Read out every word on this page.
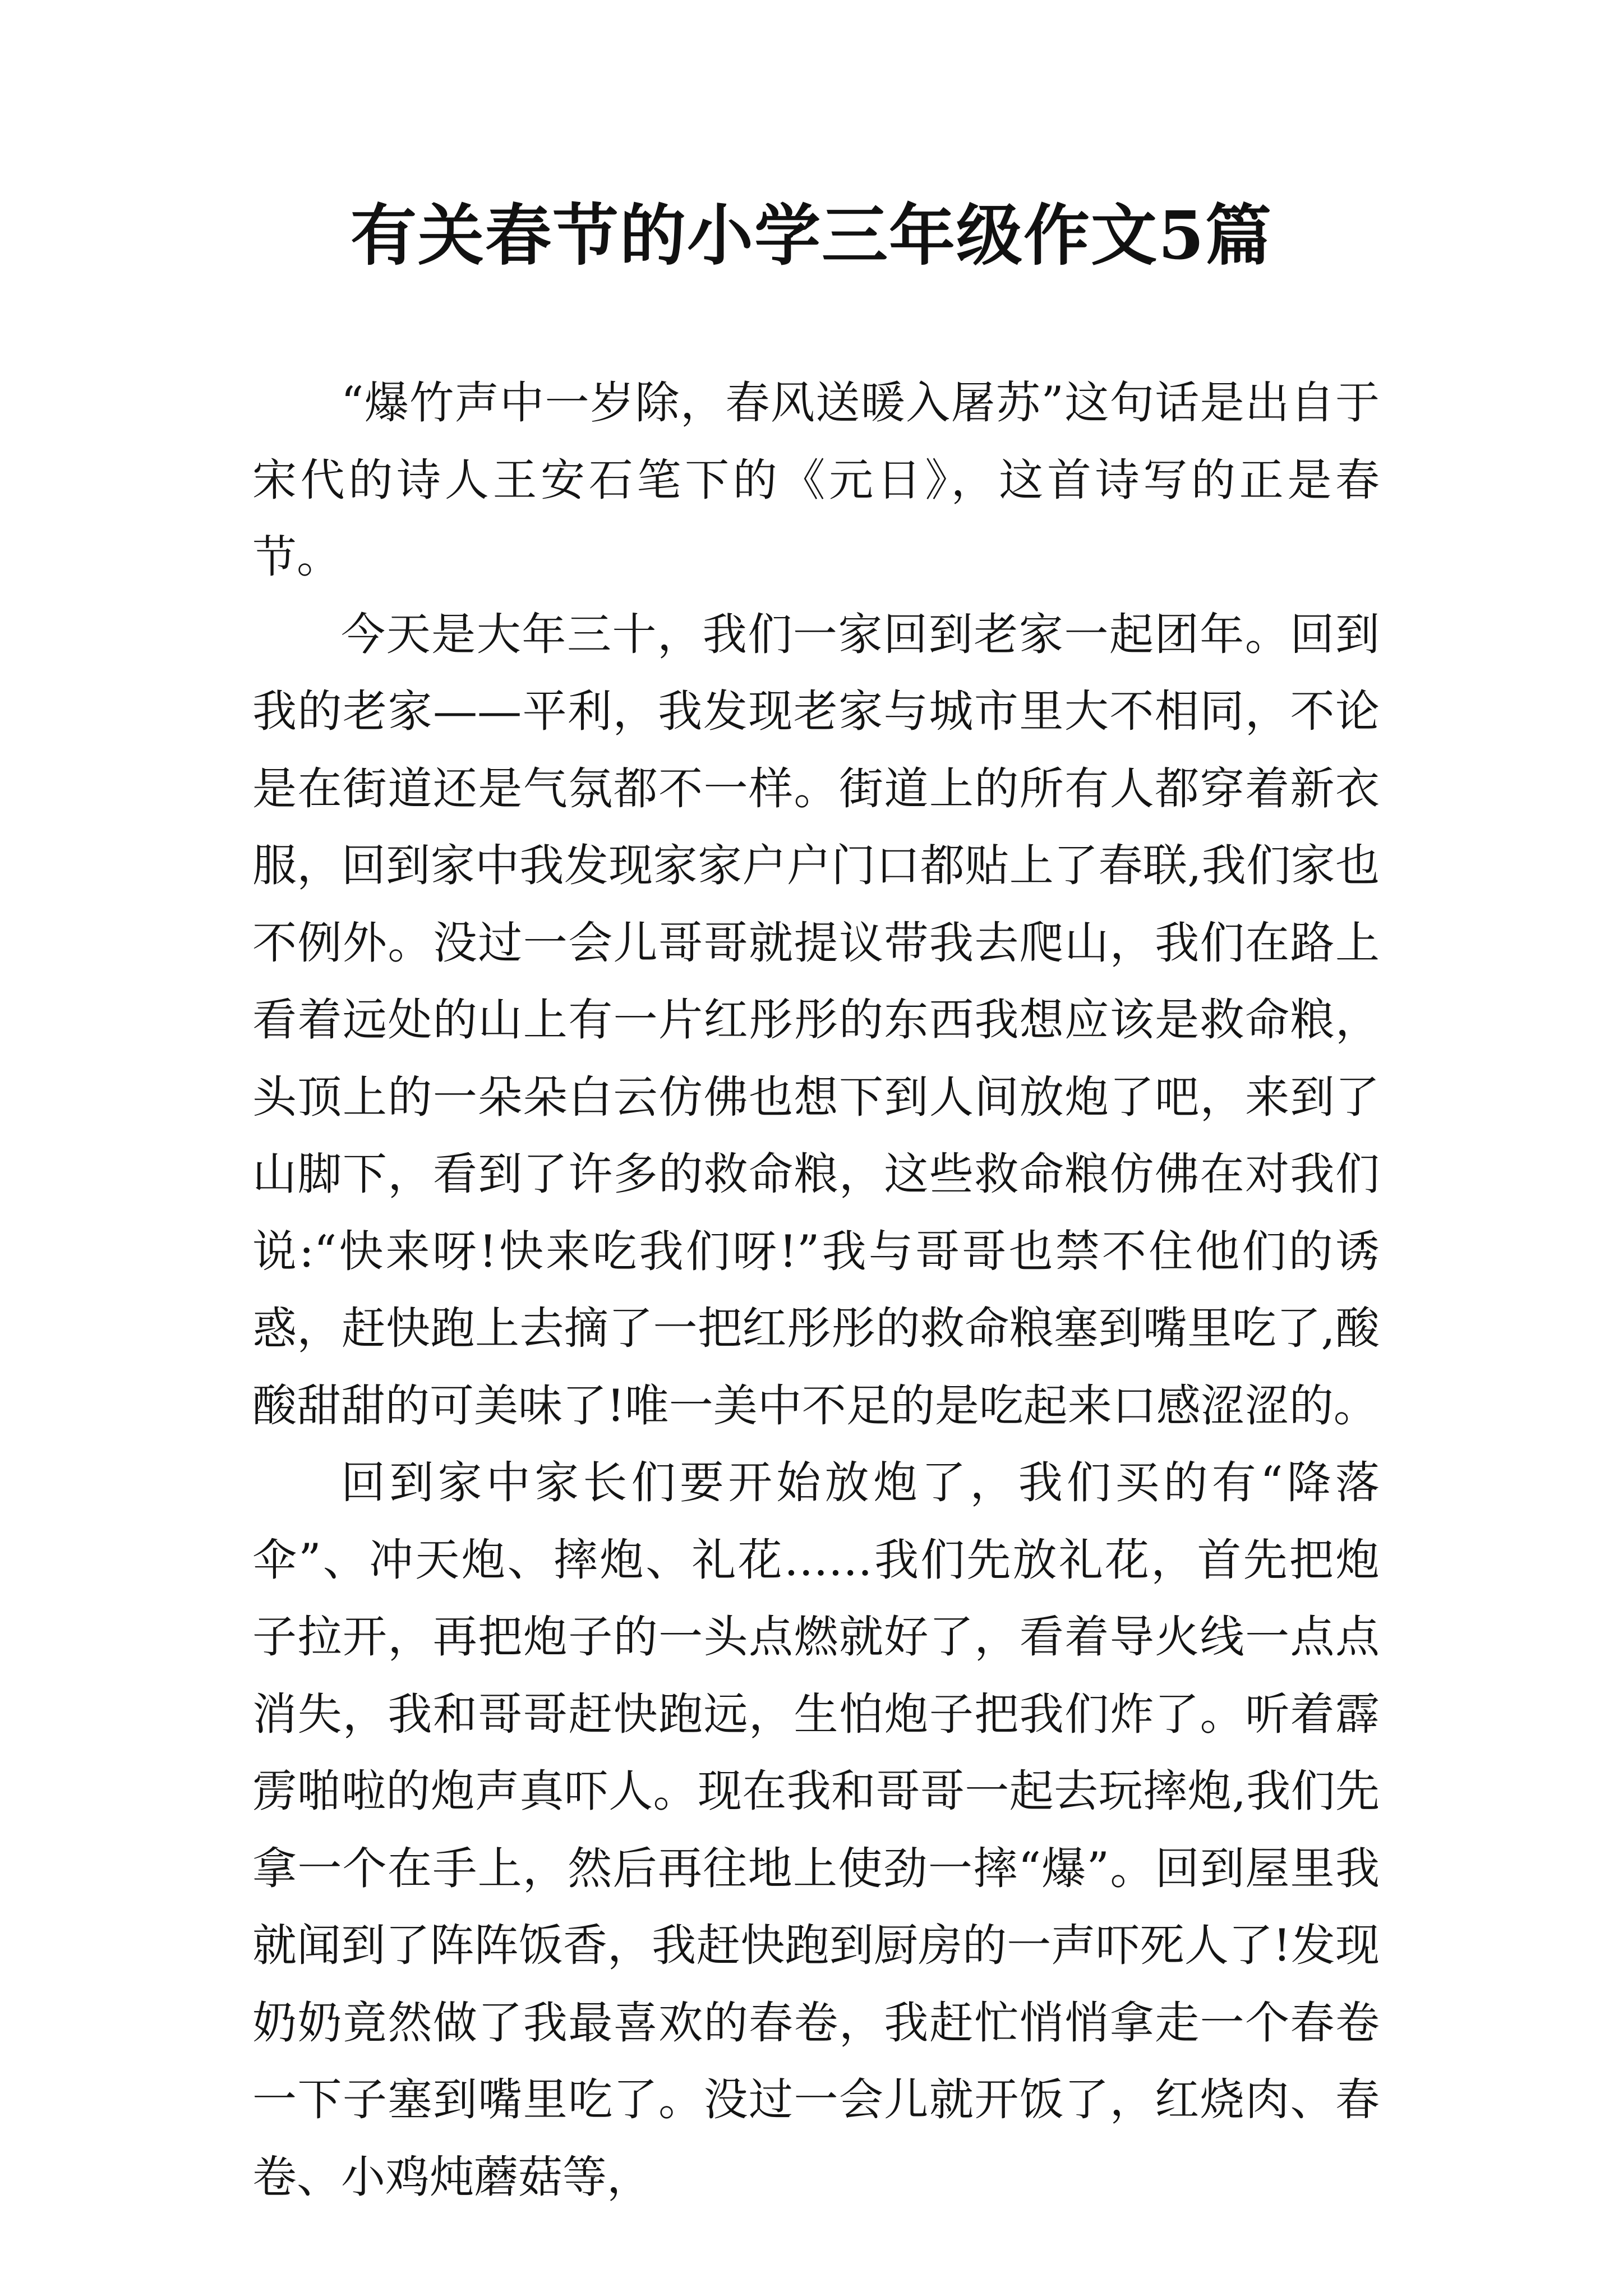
有关春节的小学三年级作文5篇

“爆竹声中一岁除，春风送暖入屠苏”这句话是出自于宋代的诗人王安石笔下的《元日》，这首诗写的正是春节。

今天是大年三十，我们一家回到老家一起团年。回到我的老家——平利，我发现老家与城市里大不相同，不论是在街道还是气氛都不一样。街道上的所有人都穿着新衣服，回到家中我发现家家户户门口都贴上了春联,我们家也不例外。没过一会儿哥哥就提议带我去爬山，我们在路上看着远处的山上有一片红彤彤的东西我想应该是救命粮，头顶上的一朵朵白云仿佛也想下到人间放炮了吧，来到了山脚下，看到了许多的救命粮，这些救命粮仿佛在对我们说:“快来呀!快来吃我们呀!”我与哥哥也禁不住他们的诱惑，赶快跑上去摘了一把红彤彤的救命粮塞到嘴里吃了,酸酸甜甜的可美味了!唯一美中不足的是吃起来口感涩涩的。

回到家中家长们要开始放炮了，我们买的有“降落伞”、冲天炮、摔炮、礼花……我们先放礼花，首先把炮子拉开，再把炮子的一头点燃就好了，看着导火线一点点消失，我和哥哥赶快跑远，生怕炮子把我们炸了。听着霹雳啪啦的炮声真吓人。现在我和哥哥一起去玩摔炮,我们先拿一个在手上，然后再往地上使劲一摔“爆”。回到屋里我就闻到了阵阵饭香，我赶快跑到厨房的一声吓死人了!发现奶奶竟然做了我最喜欢的春卷，我赶忙悄悄拿走一个春卷一下子塞到嘴里吃了。没过一会儿就开饭了，红烧肉、春卷、小鸡炖蘑菇等，
